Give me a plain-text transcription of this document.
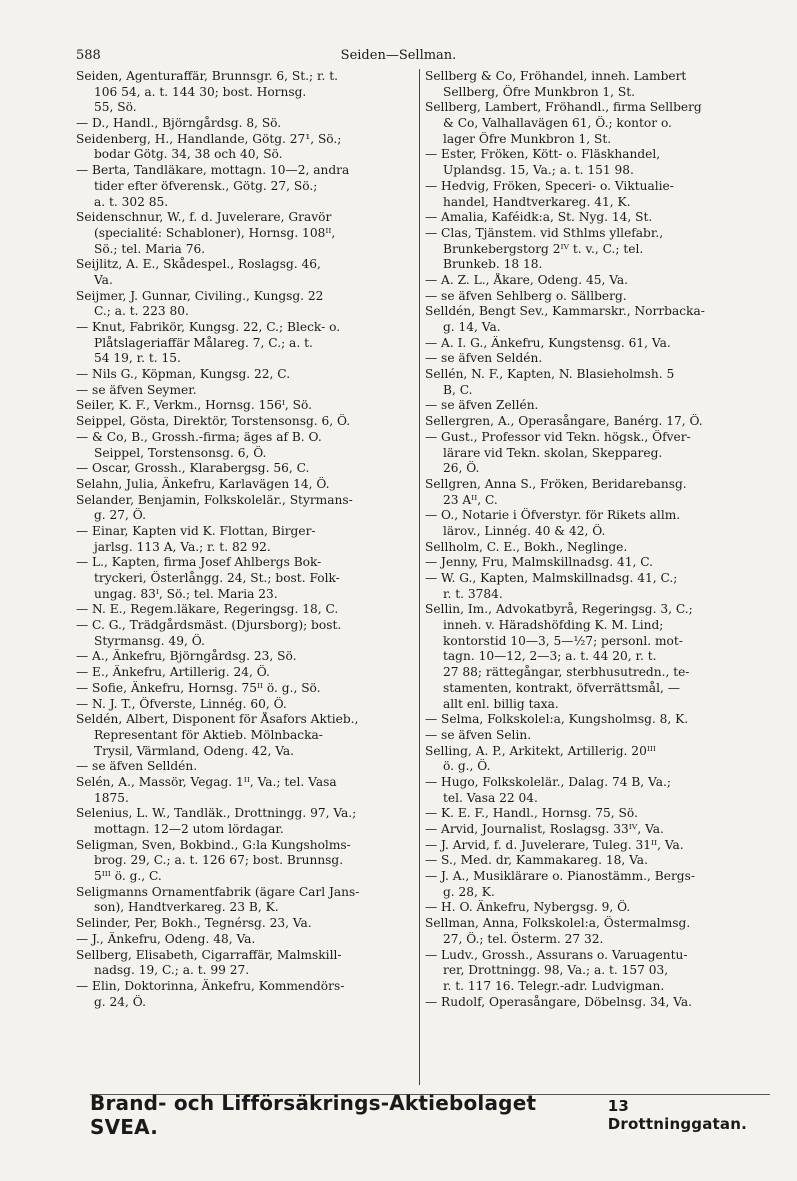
588	Seiden—Sellman.
Seiden, Agenturaffär, Brunnsgr. 6, St.; r. t.
106 54, a. t. 144 30; bost. Hornsg.
55, Sö.
— D., Handl., Björngårdsg. 8, Sö.
Seidenberg, H., Handlande, Götg. 27¹, Sö.;
bodar Götg. 34, 38 och 40, Sö.
— Berta, Tandläkare, mottagn. 10—2, andra
tider efter öfverensk., Götg. 27, Sö.;
a. t. 302 85.
Seidenschnur, W., f. d. Juvelerare, Gravör
(specialité: Schabloner), Hornsg. 108ᴵᴵ,
Sö.; tel. Maria 76.
Seijlitz, A. E., Skådespel., Roslagsg. 46,
Va.
Seijmer, J. Gunnar, Civiling., Kungsg. 22
C.; a. t. 223 80.
— Knut, Fabrikör, Kungsg. 22, C.; Bleck- o.
Plåtslageriaffär Målareg. 7, C.; a. t.
54 19, r. t. 15.
— Nils G., Köpman, Kungsg. 22, C.
— se äfven Seymer.
Seiler, K. F., Verkm., Hornsg. 156ᴵ, Sö.
Seippel, Gösta, Direktör, Torstensonsg. 6, Ö.
— & Co, B., Grossh.-firma; äges af B. O.
Seippel, Torstensonsg. 6, Ö.
— Oscar, Grossh., Klarabergsg. 56, C.
Selahn, Julia, Änkefru, Karlavägen 14, Ö.
Selander, Benjamin, Folkskolelär., Styrmans-
g. 27, Ö.
— Einar, Kapten vid K. Flottan, Birger-
jarlsg. 113 A, Va.; r. t. 82 92.
— L., Kapten, firma Josef Ahlbergs Bok-
tryckeri, Österlångg. 24, St.; bost. Folk-
ungag. 83ᴵ, Sö.; tel. Maria 23.
— N. E., Regem.läkare, Regeringsg. 18, C.
— C. G., Trädgårdsmäst. (Djursborg); bost.
Styrmansg. 49, Ö.
— A., Änkefru, Björngårdsg. 23, Sö.
— E., Änkefru, Artillerig. 24, Ö.
— Sofie, Änkefru, Hornsg. 75ᴵᴵ ö. g., Sö.
— N. J. T., Öfverste, Linnég. 60, Ö.
Seldén, Albert, Disponent för Åsafors Aktieb.,
Representant för Aktieb. Mölnbacka-
Trysil, Värmland, Odeng. 42, Va.
— se äfven Selldén.
Selén, A., Massör, Vegag. 1ᴵᴵ, Va.; tel. Vasa
1875.
Selenius, L. W., Tandläk., Drottningg. 97, Va.;
mottagn. 12—2 utom lördagar.
Seligman, Sven, Bokbind., G:la Kungsholms-
brog. 29, C.; a. t. 126 67; bost. Brunnsg.
5ᴵᴵᴵ ö. g., C.
Seligmanns Ornamentfabrik (ägare Carl Jans-
son), Handtverkareg. 23 B, K.
Selinder, Per, Bokh., Tegnérsg. 23, Va.
— J., Änkefru, Odeng. 48, Va.
Sellberg, Elisabeth, Cigarraffär, Malmskill-
nadsg. 19, C.; a. t. 99 27.
— Elin, Doktorinna, Änkefru, Kommendörs-
g. 24, Ö.
Sellberg & Co, Fröhandel, inneh. Lambert
Sellberg, Öfre Munkbron 1, St.
Sellberg, Lambert, Fröhandl., firma Sellberg
& Co, Valhallavägen 61, Ö.; kontor o.
lager Öfre Munkbron 1, St.
— Ester, Fröken, Kött- o. Fläskhandel,
Uplandsg. 15, Va.; a. t. 151 98.
— Hedvig, Fröken, Speceri- o. Viktualie-
handel, Handtverkareg. 41, K.
— Amalia, Kaféidk:a, St. Nyg. 14, St.
— Clas, Tjänstem. vid Sthlms yllefabr.,
Brunkebergstorg 2ᴵⱽ t. v., C.; tel.
Brunkeb. 18 18.
— A. Z. L., Åkare, Odeng. 45, Va.
— se äfven Sehlberg o. Sällberg.
Selldén, Bengt Sev., Kammarskr., Norrbacka-
g. 14, Va.
— A. I. G., Änkefru, Kungstensg. 61, Va.
— se äfven Seldén.
Sellén, N. F., Kapten, N. Blasieholmsh. 5
B, C.
— se äfven Zellén.
Sellergren, A., Operasångare, Banérg. 17, Ö.
— Gust., Professor vid Tekn. högsk., Öfver-
lärare vid Tekn. skolan, Skeppareg.
26, Ö.
Sellgren, Anna S., Fröken, Beridarebansg.
23 Aᴵᴵ, C.
— O., Notarie i Öfverstyr. för Rikets allm.
lärov., Linnég. 40 & 42, Ö.
Sellholm, C. E., Bokh., Neglinge.
— Jenny, Fru, Malmskillnadsg. 41, C.
— W. G., Kapten, Malmskillnadsg. 41, C.;
r. t. 3784.
Sellin, Im., Advokatbyrå, Regeringsg. 3, C.;
inneh. v. Häradshöfding K. M. Lind;
kontorstid 10—3, 5—½7; personl. mot-
tagn. 10—12, 2—3; a. t. 44 20, r. t.
27 88; rättegångar, sterbhusutredn., te-
stamenten, kontrakt, öfverrättsmål, —
allt enl. billig taxa.
— Selma, Folkskolel:a, Kungsholmsg. 8, K.
— se äfven Selin.
Selling, A. P., Arkitekt, Artillerig. 20ᴵᴵᴵ
ö. g., Ö.
— Hugo, Folkskolelär., Dalag. 74 B, Va.;
tel. Vasa 22 04.
— K. E. F., Handl., Hornsg. 75, Sö.
— Arvid, Journalist, Roslagsg. 33ᴵⱽ, Va.
— J. Arvid, f. d. Juvelerare, Tuleg. 31ᴵᴵ, Va.
— S., Med. dr, Kammakareg. 18, Va.
— J. A., Musiklärare o. Pianostämm., Bergs-
g. 28, K.
— H. O. Änkefru, Nybergsg. 9, Ö.
Sellman, Anna, Folkskolel:a, Östermalmsg.
27, Ö.; tel. Österm. 27 32.
— Ludv., Grossh., Assurans o. Varuagentu-
rer, Drottningg. 98, Va.; a. t. 157 03,
r. t. 117 16. Telegr.-adr. Ludvigman.
— Rudolf, Operasångare, Döbelnsg. 34, Va.
Brand- och Lifförsäkrings-Aktiebolaget SVEA.
13 Drottninggatan.
